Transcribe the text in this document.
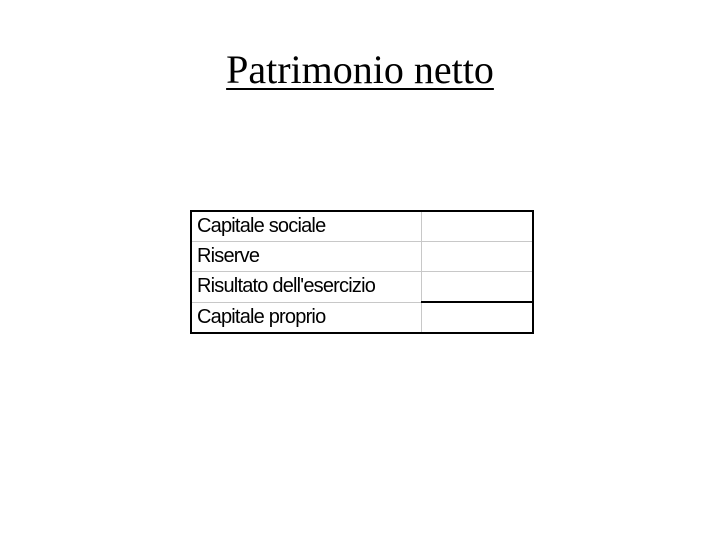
Patrimonio netto
Capitale sociale	
Riserve	
Risultato dell'esercizio	
Capitale proprio	
